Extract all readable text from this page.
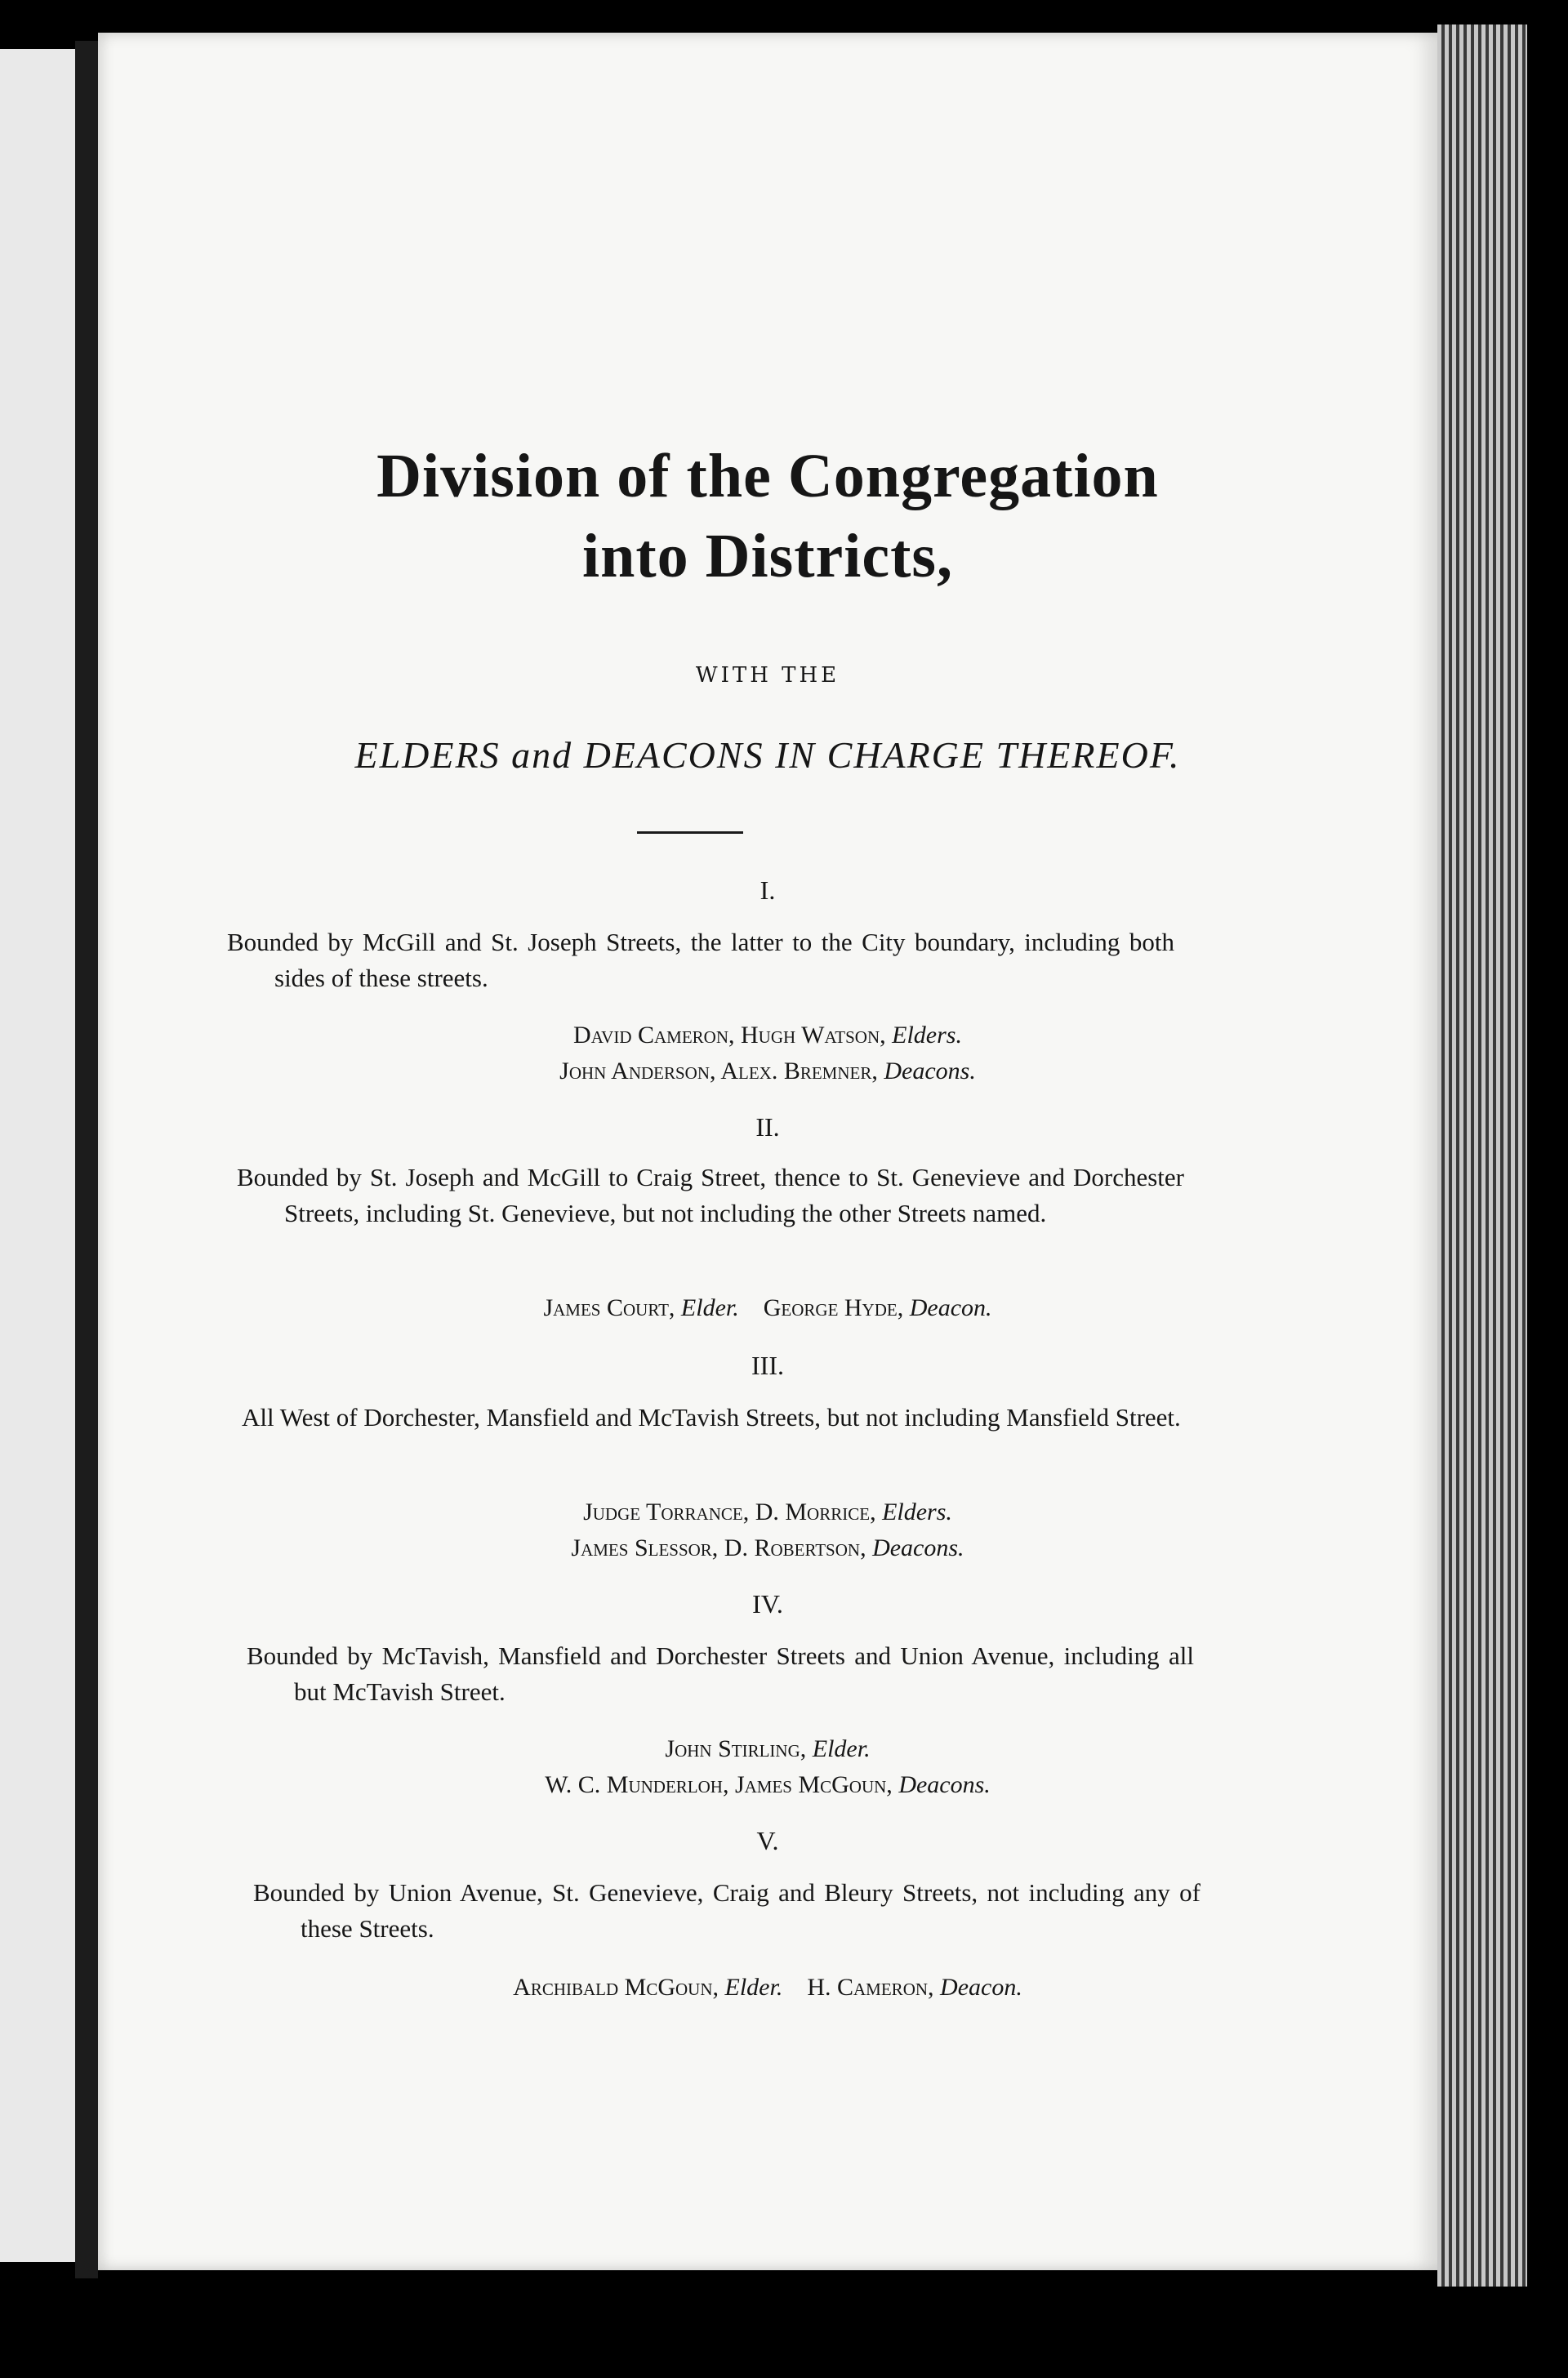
Division of the Congregation
into Districts,
WITH THE
ELDERS and DEACONS IN CHARGE THEREOF.
I.
Bounded by McGill and St. Joseph Streets, the latter to the City boundary, including both sides of these streets.
David Cameron, Hugh Watson, Elders.
John Anderson, Alex. Bremner, Deacons.
II.
Bounded by St. Joseph and McGill to Craig Street, thence to St. Genevieve and Dorchester Streets, including St. Genevieve, but not including the other Streets named.
James Court, Elder. George Hyde, Deacon.
III.
All West of Dorchester, Mansfield and McTavish Streets, but not including Mansfield Street.
Judge Torrance, D. Morrice, Elders.
James Slessor, D. Robertson, Deacons.
IV.
Bounded by McTavish, Mansfield and Dorchester Streets and Union Avenue, including all but McTavish Street.
John Stirling, Elder.
W. C. Munderloh, James McGoun, Deacons.
V.
Bounded by Union Avenue, St. Genevieve, Craig and Bleury Streets, not including any of these Streets.
Archibald McGoun, Elder. H. Cameron, Deacon.
